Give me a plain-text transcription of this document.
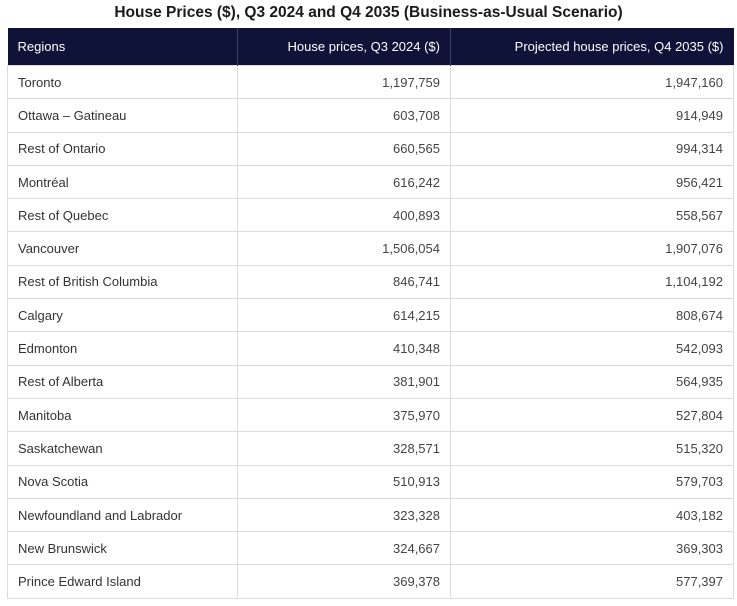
House Prices ($), Q3 2024 and Q4 2035 (Business-as-Usual Scenario)
Regions	House prices, Q3 2024 ($)	Projected house prices, Q4 2035 ($)
Toronto	1,197,759	1,947,160
Ottawa – Gatineau	603,708	914,949
Rest of Ontario	660,565	994,314
Montréal	616,242	956,421
Rest of Quebec	400,893	558,567
Vancouver	1,506,054	1,907,076
Rest of British Columbia	846,741	1,104,192
Calgary	614,215	808,674
Edmonton	410,348	542,093
Rest of Alberta	381,901	564,935
Manitoba	375,970	527,804
Saskatchewan	328,571	515,320
Nova Scotia	510,913	579,703
Newfoundland and Labrador	323,328	403,182
New Brunswick	324,667	369,303
Prince Edward Island	369,378	577,397
